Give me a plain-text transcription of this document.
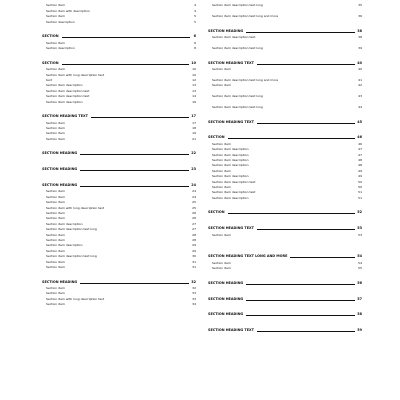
Section item	4
Section item with description	4
Section item	5
Section description	5
SECTION	6
Section item	6
Section description	8
SECTION	10
Section item	10
Section item with long description text	10
text	12
Section item description	13
Section item description text	13
Section item description text	14
Section item description	16
SECTION HEADING TEXT	17
Section item	17
Section item	18
Section item	19
Section item	21
SECTION HEADING	22
SECTION HEADING	23
SECTION HEADING	24
Section item	24
Section item	24
Section item	25
Section item with long description text	25
Section item	26
Section item	26
Section item description	27
Section item description text long	27
Section item	28
Section item	28
Section item description	29
Section item	29
Section item description text long	30
Section item	31
Section item	31
SECTION HEADING	32
Section item	32
Section item	33
Section item with long description text	33
Section item	34
Section item description text long	35
Section item description text long and more	36
SECTION HEADING	38
Section item description text	38
Section item description text long	39
SECTION HEADING TEXT	40
Section item	40
Section item description text long and more	41
Section item	42
Section item description text long	43
Section item description text long	44
SECTION HEADING TEXT	45
SECTION	46
Section item	46
Section item description	47
Section item description	47
Section item description	48
Section item description	48
Section item	49
Section item description	49
Section item description text	50
Section item	50
Section item description text	51
Section item description	51
SECTION	52
SECTION HEADING TEXT	53
Section item	53
SECTION HEADING TEXT LONG AND MORE	54
Section item	54
Section item	55
SECTION HEADING	56
SECTION HEADING	57
SECTION HEADING	58
SECTION HEADING TEXT	59
